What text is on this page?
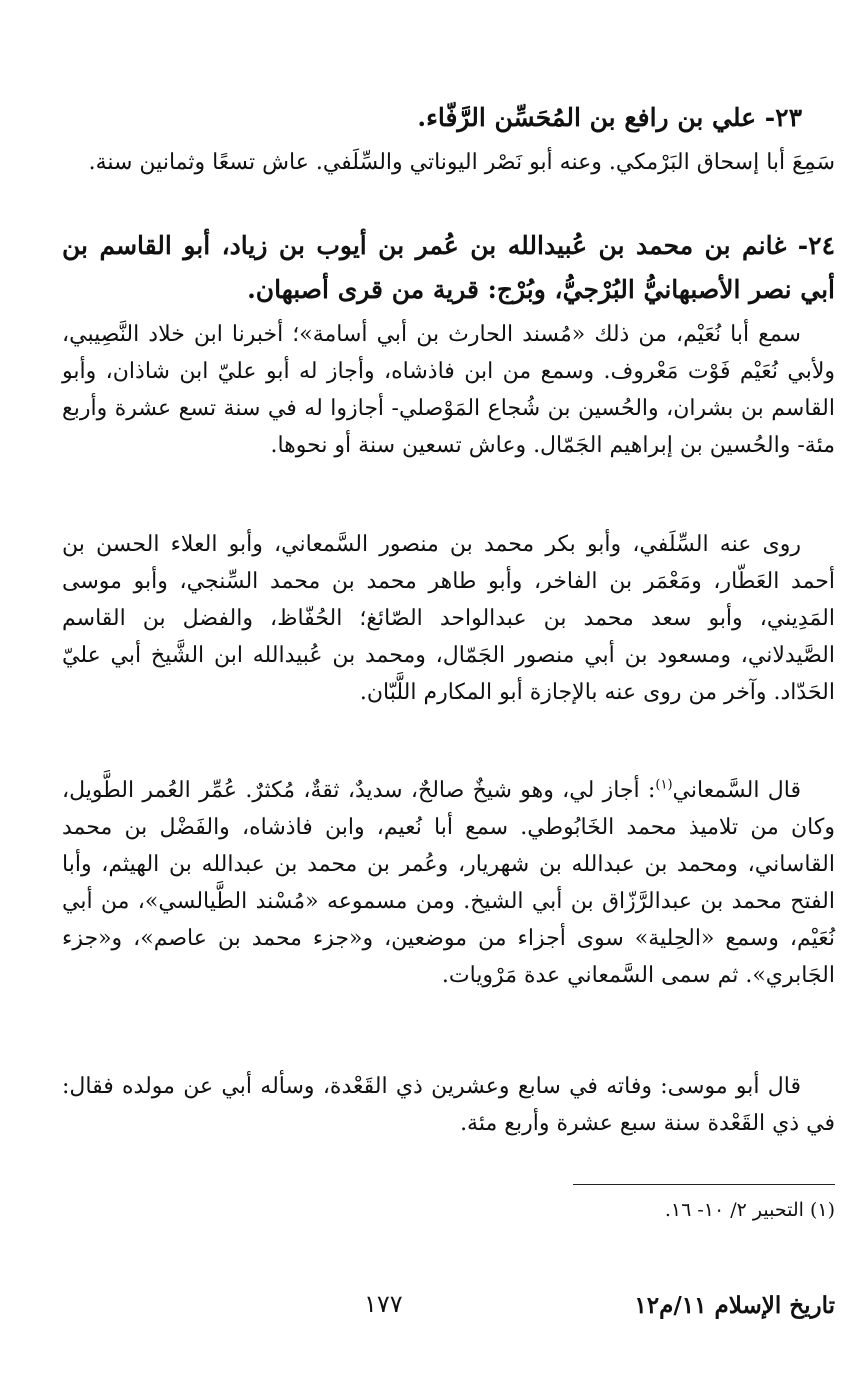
٢٣- علي بن رافع بن المُحَسِّن الرَّفّاء.
سَمِعَ أبا إسحاق البَرْمكي. وعنه أبو نَصْر اليوناتي والسِّلَفي. عاش تسعًا وثمانين سنة.
٢٤- غانم بن محمد بن عُبيدالله بن عُمر بن أيوب بن زياد، أبو القاسم بن أبي نصر الأصبهانيُّ البُرْجيُّ، وبُرْج: قرية من قرى أصبهان.
سمع أبا نُعَيْم، من ذلك «مُسند الحارث بن أبي أسامة»؛ أخبرنا ابن خلاد النَّصِيبي، ولأبي نُعَيْم فَوْت مَعْروف. وسمع من ابن فاذشاه، وأجاز له أبو عليّ ابن شاذان، وأبو القاسم بن بشران، والحُسين بن شُجاع المَوْصلي- أجازوا له في سنة تسع عشرة وأربع مئة- والحُسين بن إبراهيم الجَمّال. وعاش تسعين سنة أو نحوها.
روى عنه السِّلَفي، وأبو بكر محمد بن منصور السَّمعاني، وأبو العلاء الحسن بن أحمد العَطّار، ومَعْمَر بن الفاخر، وأبو طاهر محمد بن محمد السِّنجي، وأبو موسى المَدِيني، وأبو سعد محمد بن عبدالواحد الصّائغ؛ الحُفّاظ، والفضل بن القاسم الصَّيدلاني، ومسعود بن أبي منصور الجَمّال، ومحمد بن عُبيدالله ابن الشَّيخ أبي عليّ الحَدّاد. وآخر من روى عنه بالإجازة أبو المكارم اللَّبّان.
قال السَّمعاني$^{(١)}$: أجاز لي، وهو شيخٌ صالحٌ، سديدٌ، ثقةٌ، مُكثرٌ. عُمِّر العُمر الطَّويل، وكان من تلاميذ محمد الخَابُوطي. سمع أبا نُعيم، وابن فاذشاه، والفَضْل بن محمد القاساني، ومحمد بن عبدالله بن شهريار، وعُمر بن محمد بن عبدالله بن الهيثم، وأبا الفتح محمد بن عبدالرَّزّاق بن أبي الشيخ. ومن مسموعه «مُسْند الطَّيالسي»، من أبي نُعَيْم، وسمع «الحِلية» سوى أجزاء من موضعين، و«جزء محمد بن عاصم»، و«جزء الجَابري». ثم سمى السَّمعاني عدة مَرْويات.
قال أبو موسى: وفاته في سابع وعشرين ذي القَعْدة، وسأله أبي عن مولده فقال: في ذي القَعْدة سنة سبع عشرة وأربع مئة.
(١) التحبير ٢/ ١٠- ١٦.
تاريخ الإسلام ١١/م١٢
١٧٧
